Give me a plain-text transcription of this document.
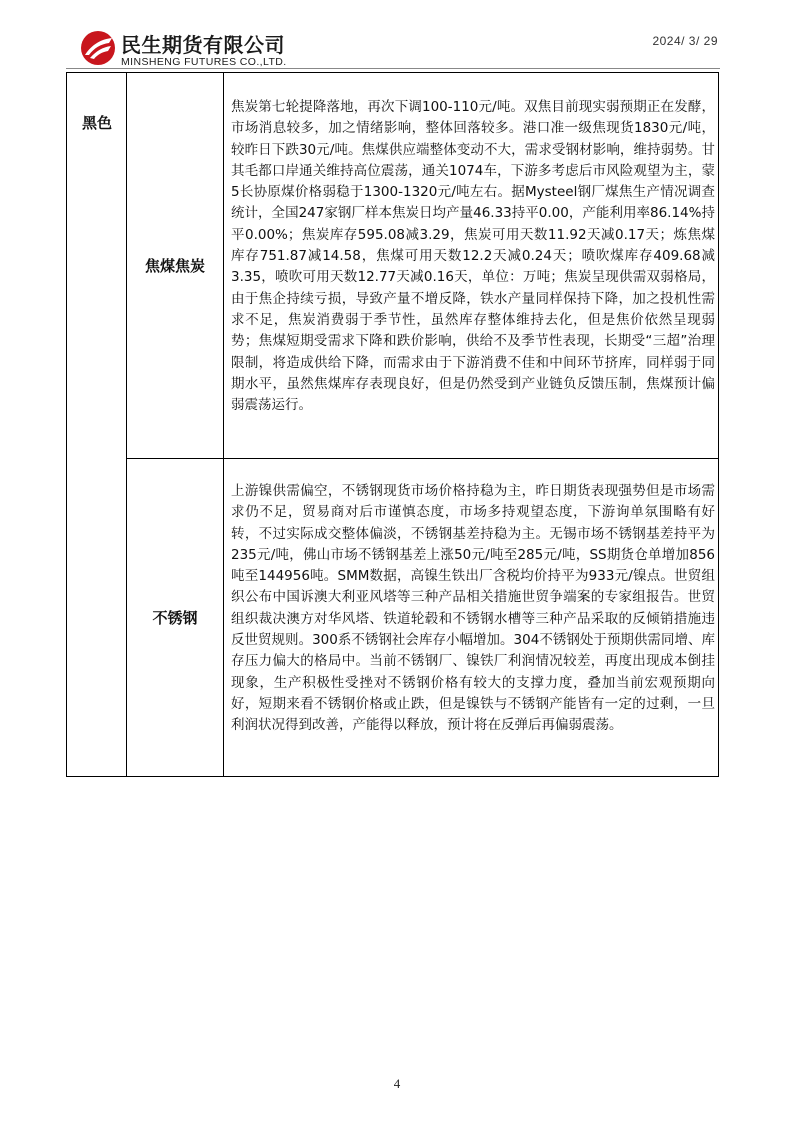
民生期货有限公司
MINSHENG FUTURES CO.,LTD.
2024/ 3/ 29
黑色
焦煤焦炭
焦炭第七轮提降落地，再次下调100-110元/吨。双焦目前现实弱预期正在发酵，市场消息较多，加之情绪影响，整体回落较多。港口准一级焦现货1830元/吨，较昨日下跌30元/吨。焦煤供应端整体变动不大，需求受钢材影响，维持弱势。甘其毛都口岸通关维持高位震荡，通关1074车，下游多考虑后市风险观望为主，蒙5长协原煤价格弱稳于1300-1320元/吨左右。据Mysteel钢厂煤焦生产情况调查统计，全国247家钢厂样本焦炭日均产量46.33持平0.00，产能利用率86.14%持平0.00%；焦炭库存595.08减3.29，焦炭可用天数11.92天减0.17天；炼焦煤库存751.87减14.58，焦煤可用天数12.2天减0.24天；喷吹煤库存409.68减3.35，喷吹可用天数12.77天减0.16天，单位：万吨；焦炭呈现供需双弱格局，由于焦企持续亏损，导致产量不增反降，铁水产量同样保持下降，加之投机性需求不足，焦炭消费弱于季节性，虽然库存整体维持去化，但是焦价依然呈现弱势；焦煤短期受需求下降和跌价影响，供给不及季节性表现，长期受“三超”治理限制，将造成供给下降，而需求由于下游消费不佳和中间环节挤库，同样弱于同期水平，虽然焦煤库存表现良好，但是仍然受到产业链负反馈压制，焦煤预计偏弱震荡运行。
不锈钢
上游镍供需偏空，不锈钢现货市场价格持稳为主，昨日期货表现强势但是市场需求仍不足，贸易商对后市谨慎态度，市场多持观望态度，下游询单氛围略有好转，不过实际成交整体偏淡，不锈钢基差持稳为主。无锡市场不锈钢基差持平为235元/吨，佛山市场不锈钢基差上涨50元/吨至285元/吨，SS期货仓单增加856吨至144956吨。SMM数据，高镍生铁出厂含税均价持平为933元/镍点。世贸组织公布中国诉澳大利亚风塔等三种产品相关措施世贸争端案的专家组报告。世贸组织裁决澳方对华风塔、铁道轮毂和不锈钢水槽等三种产品采取的反倾销措施违反世贸规则。300系不锈钢社会库存小幅增加。304不锈钢处于预期供需同增、库存压力偏大的格局中。当前不锈钢厂、镍铁厂利润情况较差，再度出现成本倒挂现象，生产积极性受挫对不锈钢价格有较大的支撑力度，叠加当前宏观预期向好，短期来看不锈钢价格或止跌，但是镍铁与不锈钢产能皆有一定的过剩，一旦利润状况得到改善，产能得以释放，预计将在反弹后再偏弱震荡。
4
